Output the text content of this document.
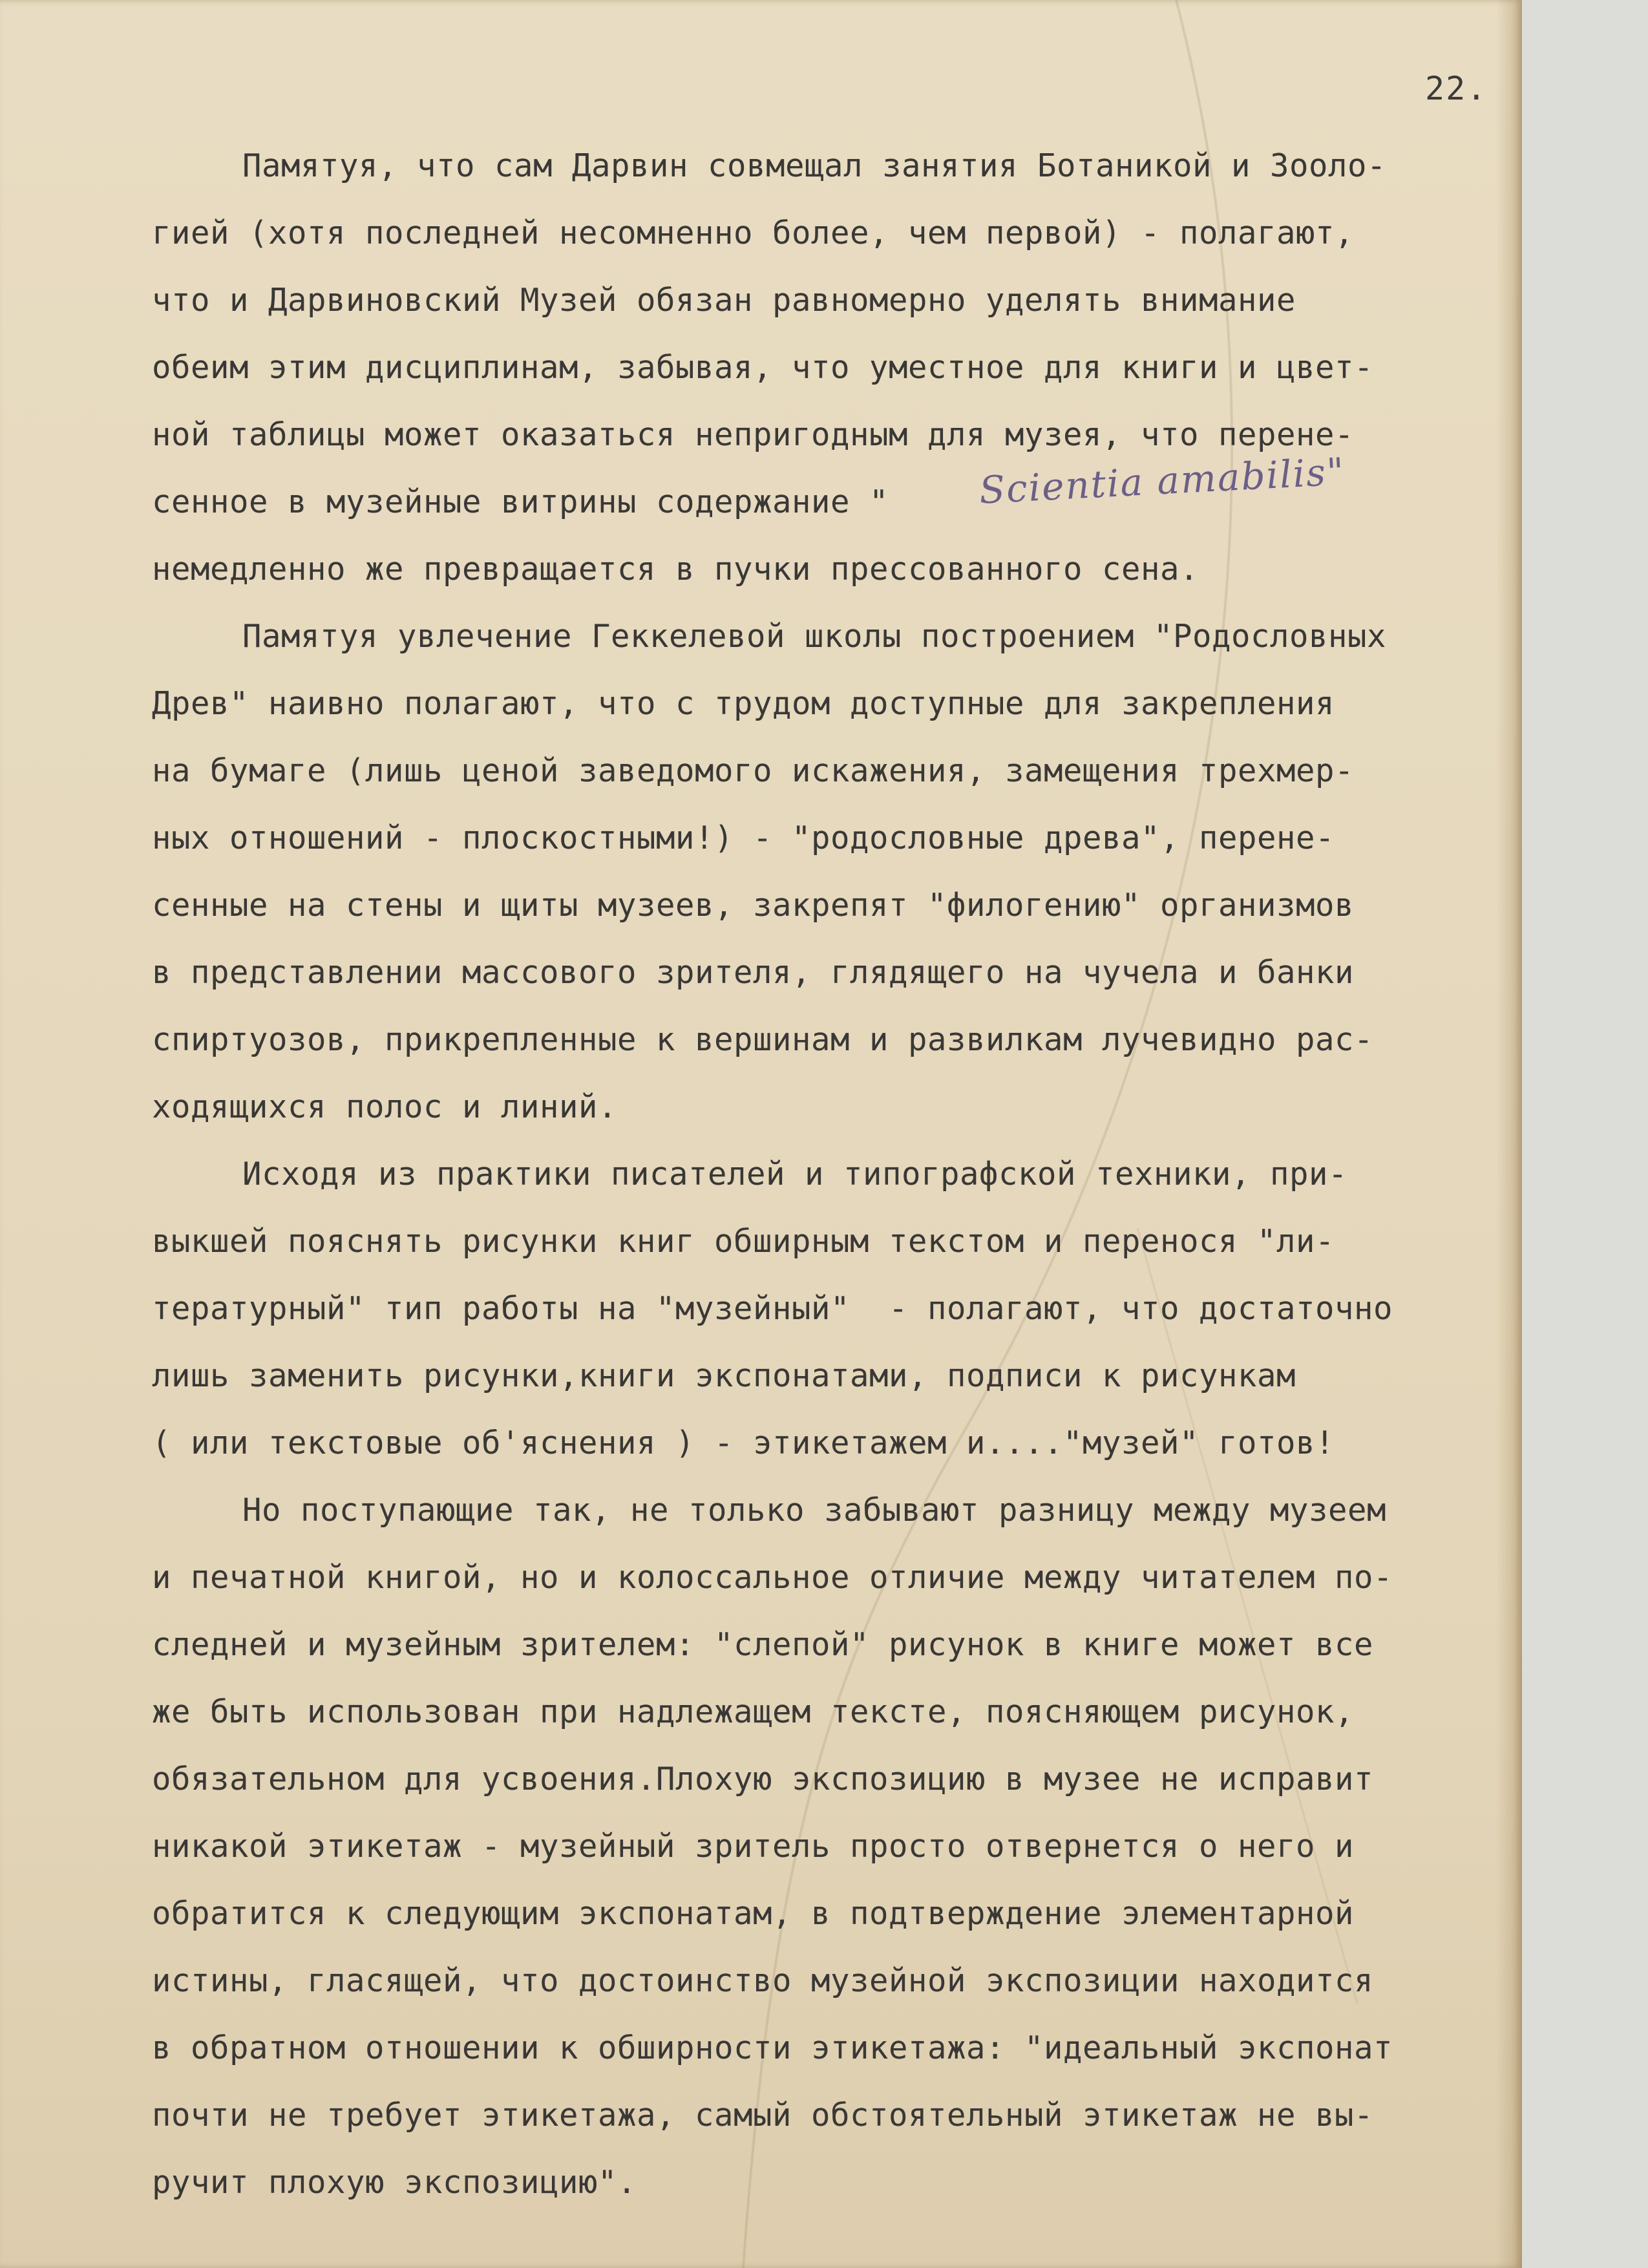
22.
Памятуя, что сам Дарвин совмещал занятия Ботаникой и Зооло-
гией (хотя последней несомненно более, чем первой) - полагают,
что и Дарвиновский Музей обязан равномерно уделять внимание
обеим этим дисциплинам, забывая, что уместное для книги и цвет-
ной таблицы может оказаться непригодным для музея, что перене-
сенное в музейные витрины содержание "
немедленно же превращается в пучки прессованного сена.
Памятуя увлечение Геккелевой школы построением "Родословных
Древ" наивно полагают, что с трудом доступные для закрепления
на бумаге (лишь ценой заведомого искажения, замещения трехмер-
ных отношений - плоскостными!) - "родословные древа", перене-
сенные на стены и щиты музеев, закрепят "филогению" организмов
в представлении массового зрителя, глядящего на чучела и банки
спиртуозов, прикрепленные к вершинам и развилкам лучевидно рас-
ходящихся полос и линий.
Исходя из практики писателей и типографской техники, при-
выкшей пояснять рисунки книг обширным текстом и перенося "ли-
тературный" тип работы на "музейный"  - полагают, что достаточно
лишь заменить рисунки,книги экспонатами, подписи к рисункам
( или текстовые об'яснения ) - этикетажем и...."музей" готов!
Но поступающие так, не только забывают разницу между музеем
и печатной книгой, но и колоссальное отличие между читателем по-
следней и музейным зрителем: "слепой" рисунок в книге может все
же быть использован при надлежащем тексте, поясняющем рисунок,
обязательном для усвоения.Плохую экспозицию в музее не исправит
никакой этикетаж - музейный зритель просто отвернется о него и
обратится к следующим экспонатам, в подтверждение элементарной
истины, гласящей, что достоинство музейной экспозиции находится
в обратном отношении к обширности этикетажа: "идеальный экспонат
почти не требует этикетажа, самый обстоятельный этикетаж не вы-
ручит плохую экспозицию".
Scientia amabilis"
